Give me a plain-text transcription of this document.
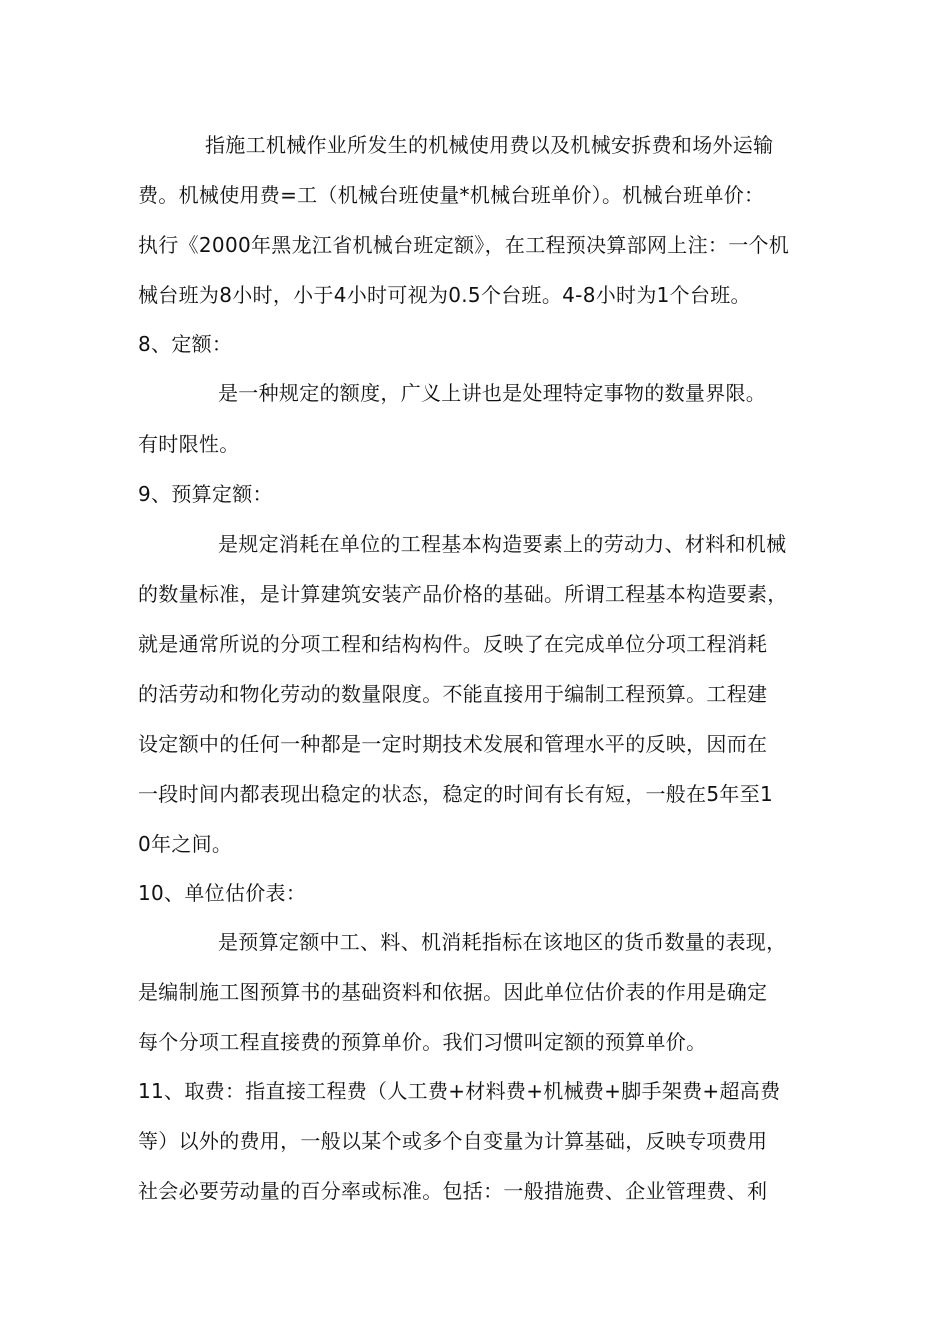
指施工机械作业所发生的机械使用费以及机械安拆费和场外运输
费。机械使用费=工（机械台班使量*机械台班单价）。机械台班单价：
执行《2000年黑龙江省机械台班定额》，在工程预决算部网上注：一个机
械台班为8小时，小于4小时可视为0.5个台班。4-8小时为1个台班。
8、定额：
是一种规定的额度，广义上讲也是处理特定事物的数量界限。
有时限性。
9、预算定额：
是规定消耗在单位的工程基本构造要素上的劳动力、材料和机械
的数量标准，是计算建筑安装产品价格的基础。所谓工程基本构造要素，
就是通常所说的分项工程和结构构件。反映了在完成单位分项工程消耗
的活劳动和物化劳动的数量限度。不能直接用于编制工程预算。工程建
设定额中的任何一种都是一定时期技术发展和管理水平的反映，因而在
一段时间内都表现出稳定的状态，稳定的时间有长有短，一般在5年至1
0年之间。
10、单位估价表：
是预算定额中工、料、机消耗指标在该地区的货币数量的表现，
是编制施工图预算书的基础资料和依据。因此单位估价表的作用是确定
每个分项工程直接费的预算单价。我们习惯叫定额的预算单价。
11、取费：指直接工程费（人工费+材料费+机械费+脚手架费+超高费
等）以外的费用，一般以某个或多个自变量为计算基础，反映专项费用
社会必要劳动量的百分率或标准。包括：一般措施费、企业管理费、利
